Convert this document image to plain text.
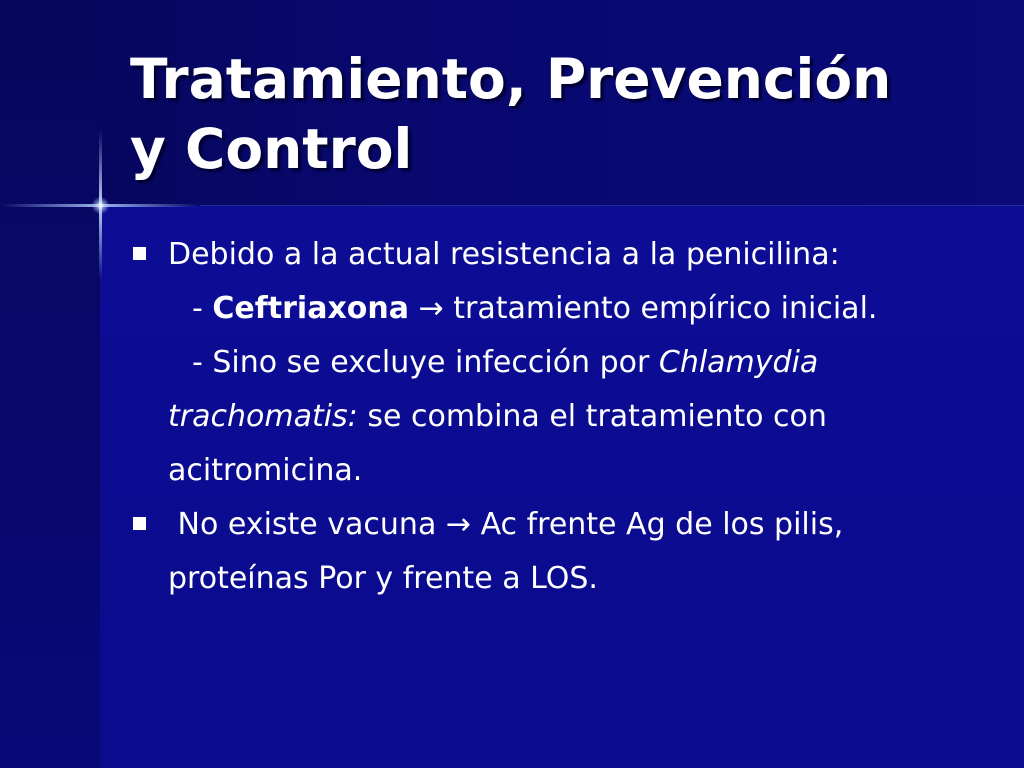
Tratamiento, Prevención
y Control
Debido a la actual resistencia a la penicilina:
- Ceftriaxona → tratamiento empírico inicial.
- Sino se excluye infección por Chlamydia trachomatis: se combina el tratamiento con acitromicina.
No existe vacuna → Ac frente Ag de los pilis, proteínas Por y frente a LOS.
